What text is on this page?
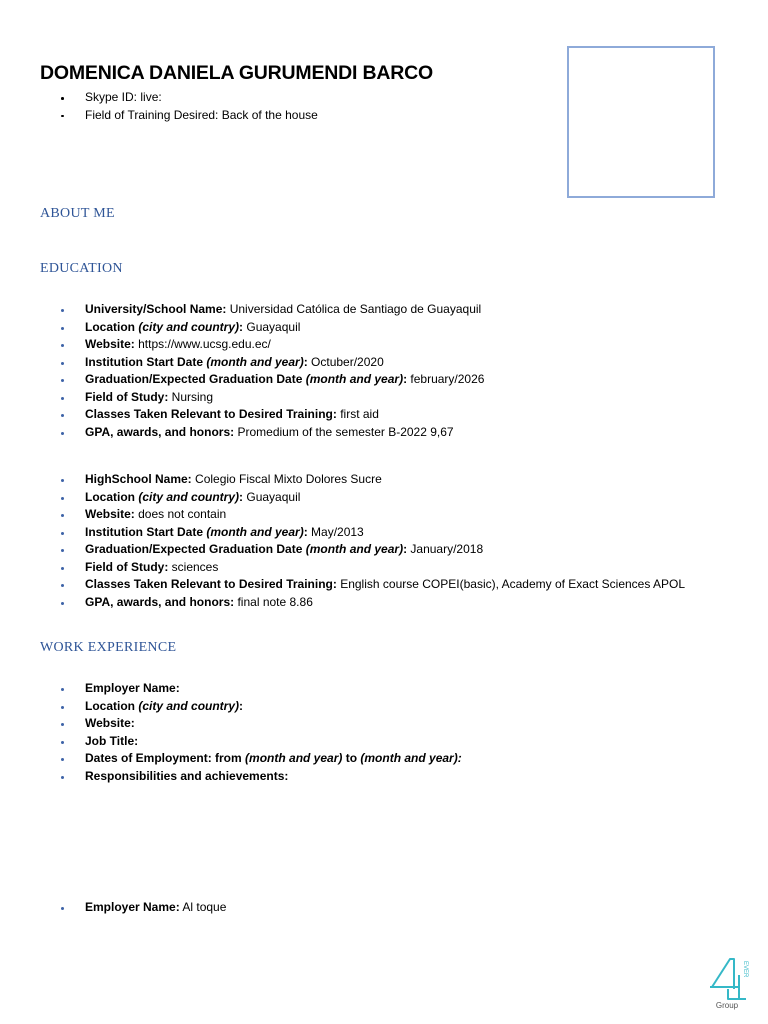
DOMENICA DANIELA GURUMENDI BARCO
Skype ID: live:
Field of Training Desired: Back of the house
ABOUT ME
EDUCATION
University/School Name: Universidad Católica de Santiago de Guayaquil
Location (city and country): Guayaquil
Website: https://www.ucsg.edu.ec/
Institution Start Date (month and year): Octuber/2020
Graduation/Expected Graduation Date (month and year): february/2026
Field of Study: Nursing
Classes Taken Relevant to Desired Training: first aid
GPA, awards, and honors: Promedium of the semester B-2022 9,67
HighSchool Name: Colegio Fiscal Mixto Dolores Sucre
Location (city and country): Guayaquil
Website: does not contain
Institution Start Date (month and year): May/2013
Graduation/Expected Graduation Date (month and year): January/2018
Field of Study: sciences
Classes Taken Relevant to Desired Training: English course COPEI(basic), Academy of Exact Sciences APOL
GPA, awards, and honors: final note 8.86
WORK EXPERIENCE
Employer Name:
Location (city and country):
Website:
Job Title:
Dates of Employment: from (month and year) to (month and year):
Responsibilities and achievements:
Employer Name: Al toque
EVER
Group
